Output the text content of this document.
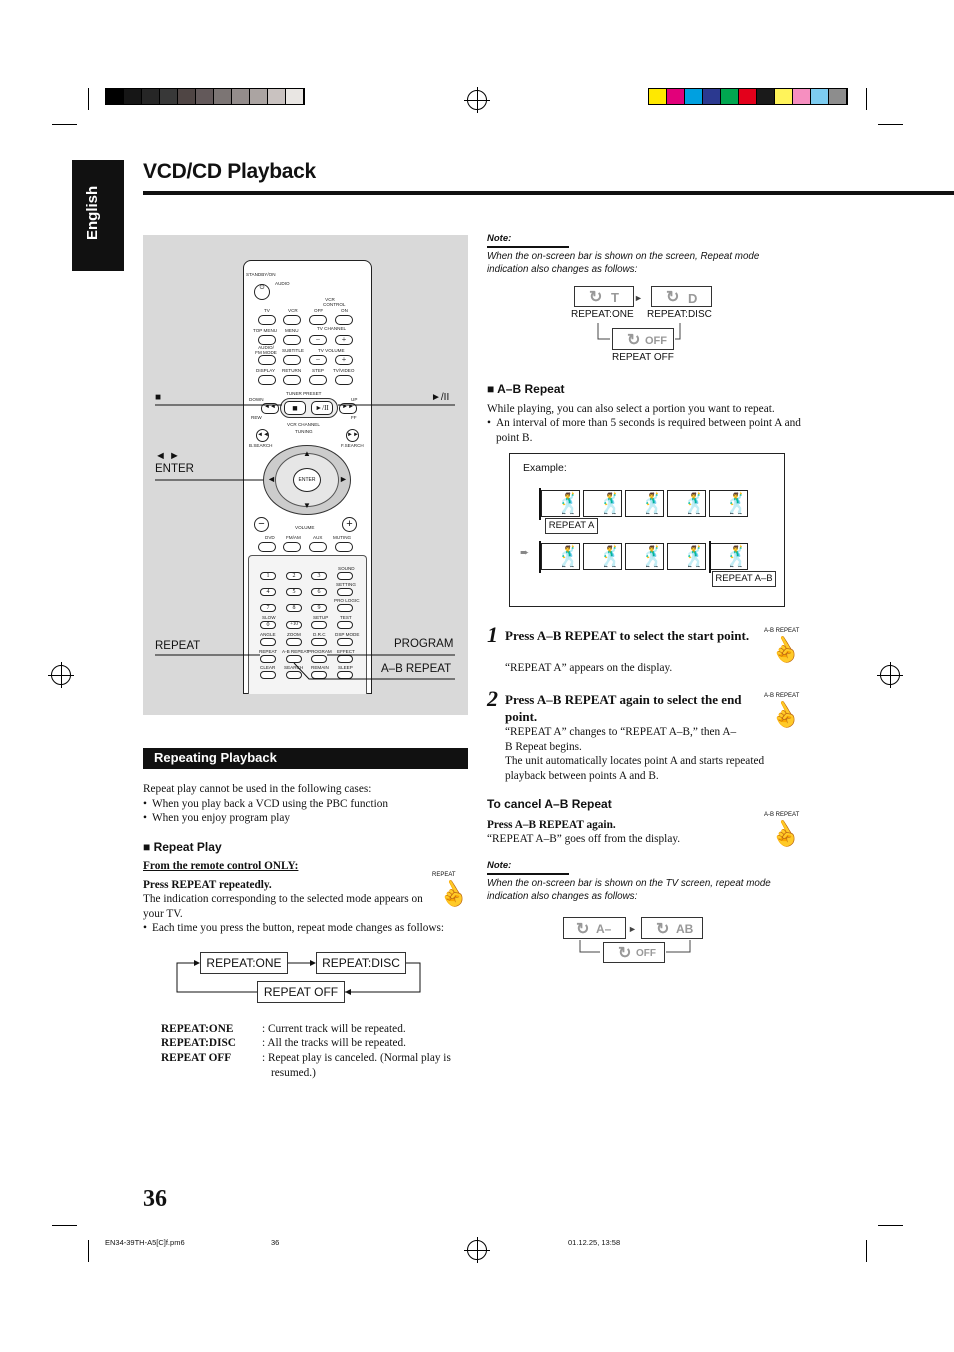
English
VCD/CD Playback
STANDBY/ON
AUDIO
⏻
VCR CONTROL
TV	VCR	OFF	ON
TOP MENU MENU	TV CHANNEL
−	+
AUDIO/ FM MODE SUBTITLE	TV VOLUME
−	+
DISPLAY RETURN STEP TV/VIDEO
TUNER PRESET
DOWN	UP
◄◄	■	►/II	►►
REW	FF
VCR CHANNEL
TUNING
◄◄	►►
B.SEARCH	F.SEARCH
ENTER
▲
▼
◄	►
−	+
VOLUME
DVD FM/AM	AUX MUTING
SOUND
1	2	3
SETTING
4	5	6
PRO LOGIC
7	8	9
SLOW	SETUP	TEST
0	+10
ANGLE ZOOM	D.R.C DSP MODE
REPEAT A-B REPEAT PROGRAM EFFECT
CLEAR SEARCH REMAIN SLEEP
■	►/II
◄ ►
ENTER
REPEAT	PROGRAM
A–B REPEAT
Note:
When the on-screen bar is shown on the screen, Repeat mode indication also changes as follows:
T
↻	D
↻
►
REPEAT:ONE REPEAT:DISC
OFF
↻
REPEAT OFF
■ A–B Repeat
While playing, you can also select a portion you want to repeat.
• An interval of more than 5 seconds is required between point A and point B.
Example:
🕺 🕺 🕺 🕺 🕺
REPEAT A
➨ 🕺 🕺 🕺 🕺 🕺
REPEAT A–B
1 Press A–B REPEAT to select the start point.
“REPEAT A” appears on the display.
A-B REPEAT
☝
2 Press A–B REPEAT again to select the end point.
“REPEAT A” changes to “REPEAT A–B,” then A–B Repeat begins.
The unit automatically locates point A and starts repeated playback between points A and B.
A-B REPEAT
☝
To cancel A–B Repeat
Press A–B REPEAT again.
“REPEAT A–B” goes off from the display.
A-B REPEAT
☝
Note:
When the on-screen bar is shown on the TV screen, repeat mode indication also changes as follows:
↻ A– ► ↻ AB
↻ OFF
Repeating Playback
Repeat play cannot be used in the following cases:
• When you play back a VCD using the PBC function
• When you enjoy program play
■ Repeat Play
From the remote control ONLY:
Press REPEAT repeatedly.
The indication corresponding to the selected mode appears on your TV.
• Each time you press the button, repeat mode changes as follows:
REPEAT
☝
REPEAT:ONE	REPEAT:DISC
REPEAT OFF
REPEAT:ONE	: Current track will be repeated.
REPEAT:DISC : All the tracks will be repeated.
REPEAT OFF	: Repeat play is canceled. (Normal play is resumed.)
36
EN34-39TH-A5[C]f.pm6	36	01.12.25, 13:58
